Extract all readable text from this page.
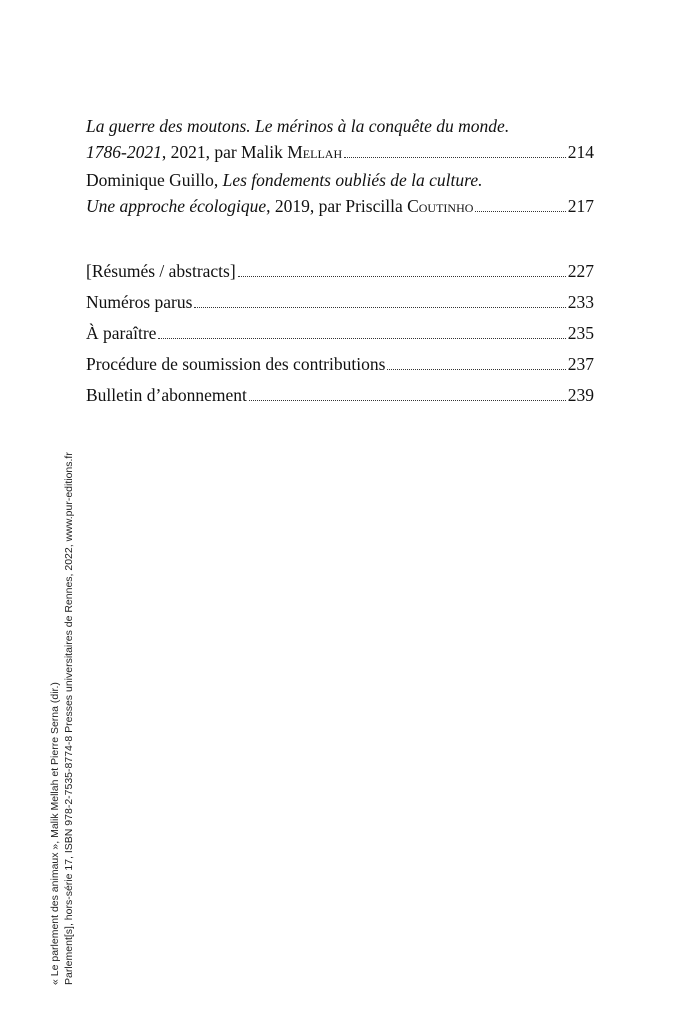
La guerre des moutons. Le mérinos à la conquête du monde.
1786-2021, 2021, par Malik Mellah	214
Dominique Guillo, Les fondements oubliés de la culture.
Une approche écologique, 2019, par Priscilla Coutinho	217
[Résumés / abstracts]	227
Numéros parus	233
À paraître	235
Procédure de soumission des contributions	237
Bulletin d’abonnement	239
« Le parlement des animaux », Malik Mellah et Pierre Serna (dir.) Parlement[s], hors-série 17, ISBN 978-2-7535-8774-8 Presses universitaires de Rennes, 2022, www.pur-editions.fr
